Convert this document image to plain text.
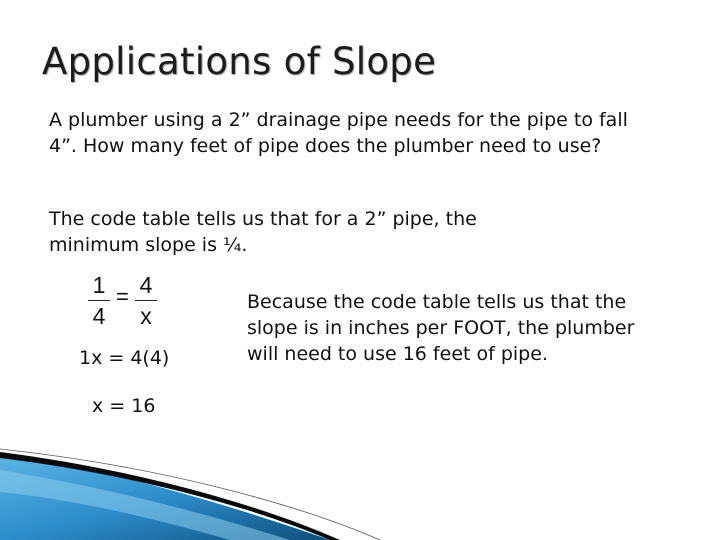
Applications of Slope
A plumber using a 2” drainage pipe needs for the pipe to fall 4”. How many feet of pipe does the plumber need to use?
The code table tells us that for a 2” pipe, the minimum slope is ¼.
1
4
= 4
x
1x = 4(4)
x = 16
Because the code table tells us that the slope is in inches per FOOT, the plumber will need to use 16 feet of pipe.
